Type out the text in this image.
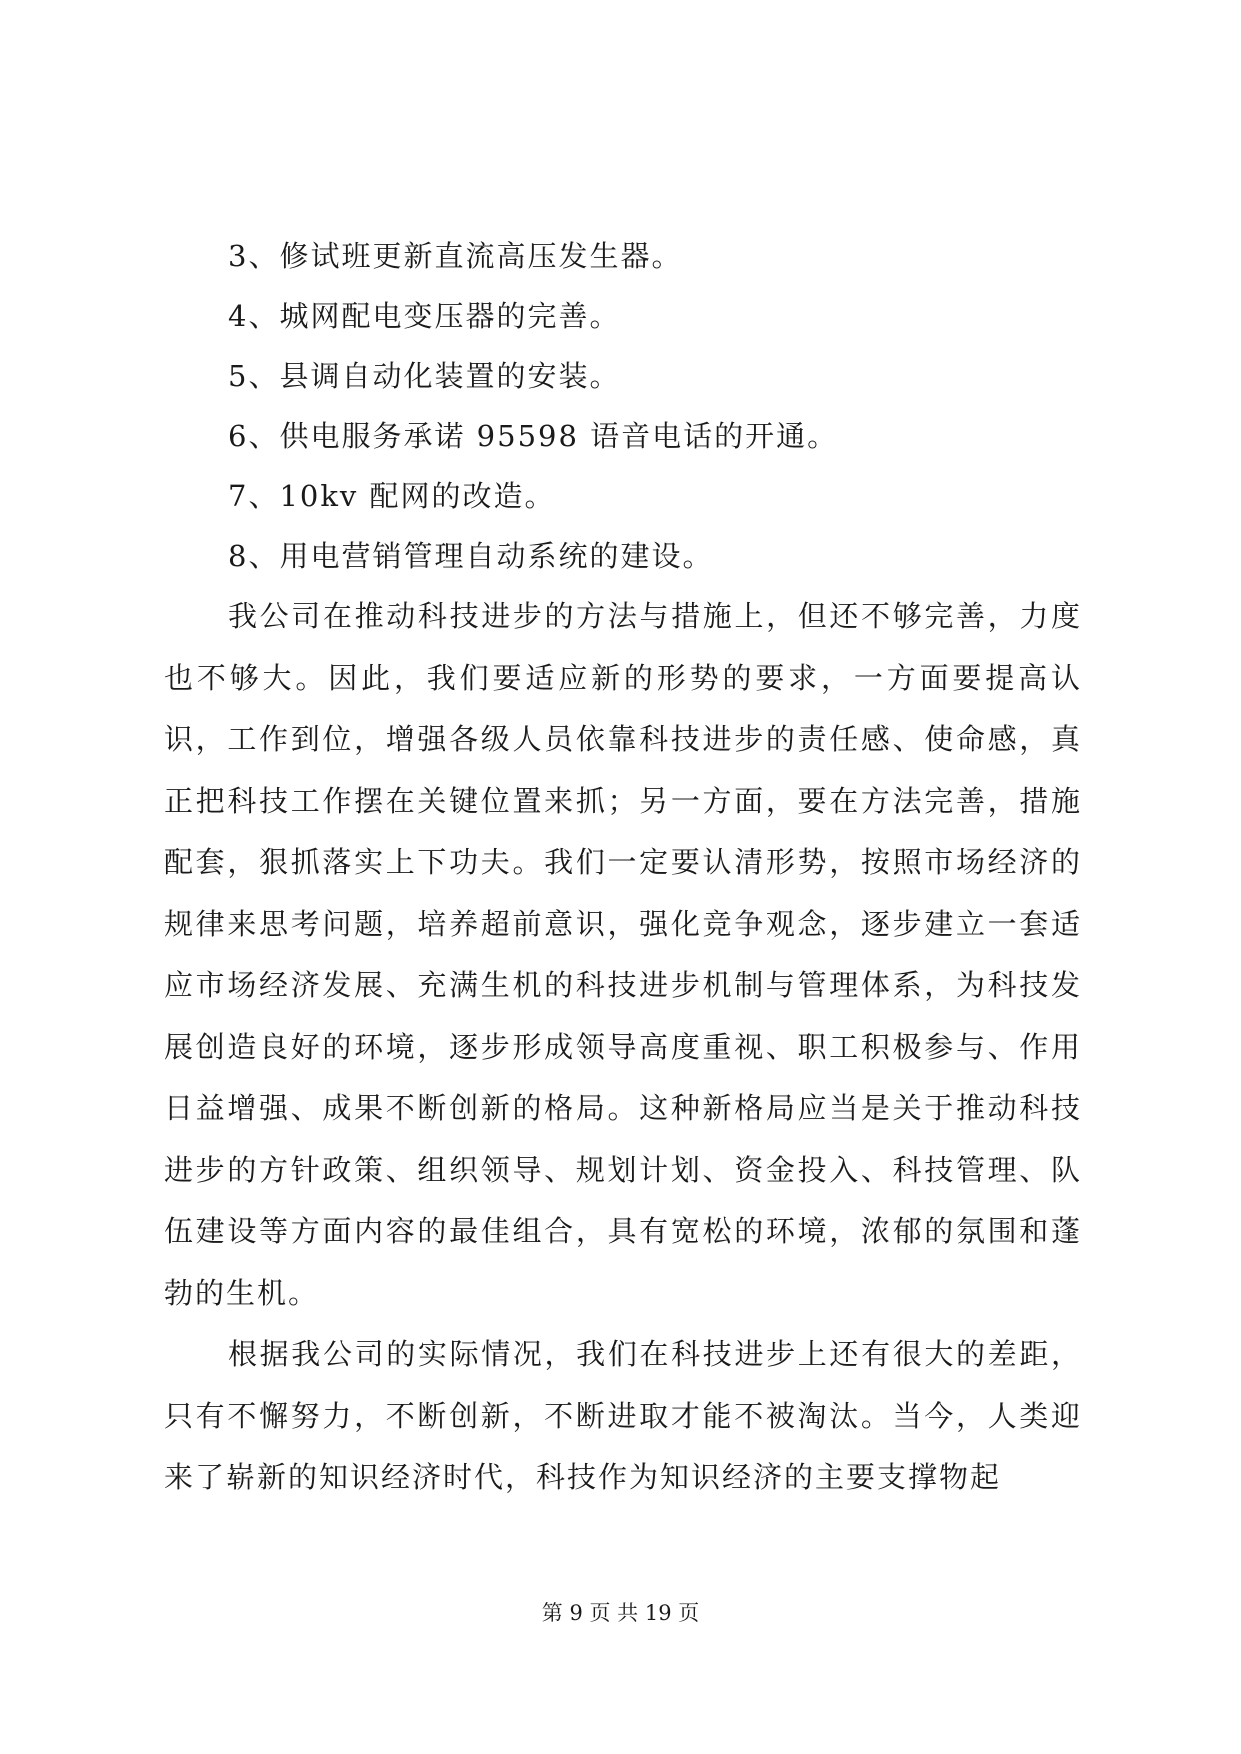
3、修试班更新直流高压发生器。

4、城网配电变压器的完善。

5、县调自动化装置的安装。

6、供电服务承诺 95598 语音电话的开通。

7、10kv 配网的改造。

8、用电营销管理自动系统的建设。

我公司在推动科技进步的方法与措施上，但还不够完善，力度也不够大。因此，我们要适应新的形势的要求，一方面要提高认识，工作到位，增强各级人员依靠科技进步的责任感、使命感，真正把科技工作摆在关键位置来抓；另一方面，要在方法完善，措施配套，狠抓落实上下功夫。我们一定要认清形势，按照市场经济的规律来思考问题，培养超前意识，强化竞争观念，逐步建立一套适应市场经济发展、充满生机的科技进步机制与管理体系，为科技发展创造良好的环境，逐步形成领导高度重视、职工积极参与、作用日益增强、成果不断创新的格局。这种新格局应当是关于推动科技进步的方针政策、组织领导、规划计划、资金投入、科技管理、队伍建设等方面内容的最佳组合，具有宽松的环境，浓郁的氛围和蓬勃的生机。

根据我公司的实际情况，我们在科技进步上还有很大的差距，只有不懈努力，不断创新，不断进取才能不被淘汰。当今，人类迎来了崭新的知识经济时代，科技作为知识经济的主要支撑物起

第 9 页 共 19 页
